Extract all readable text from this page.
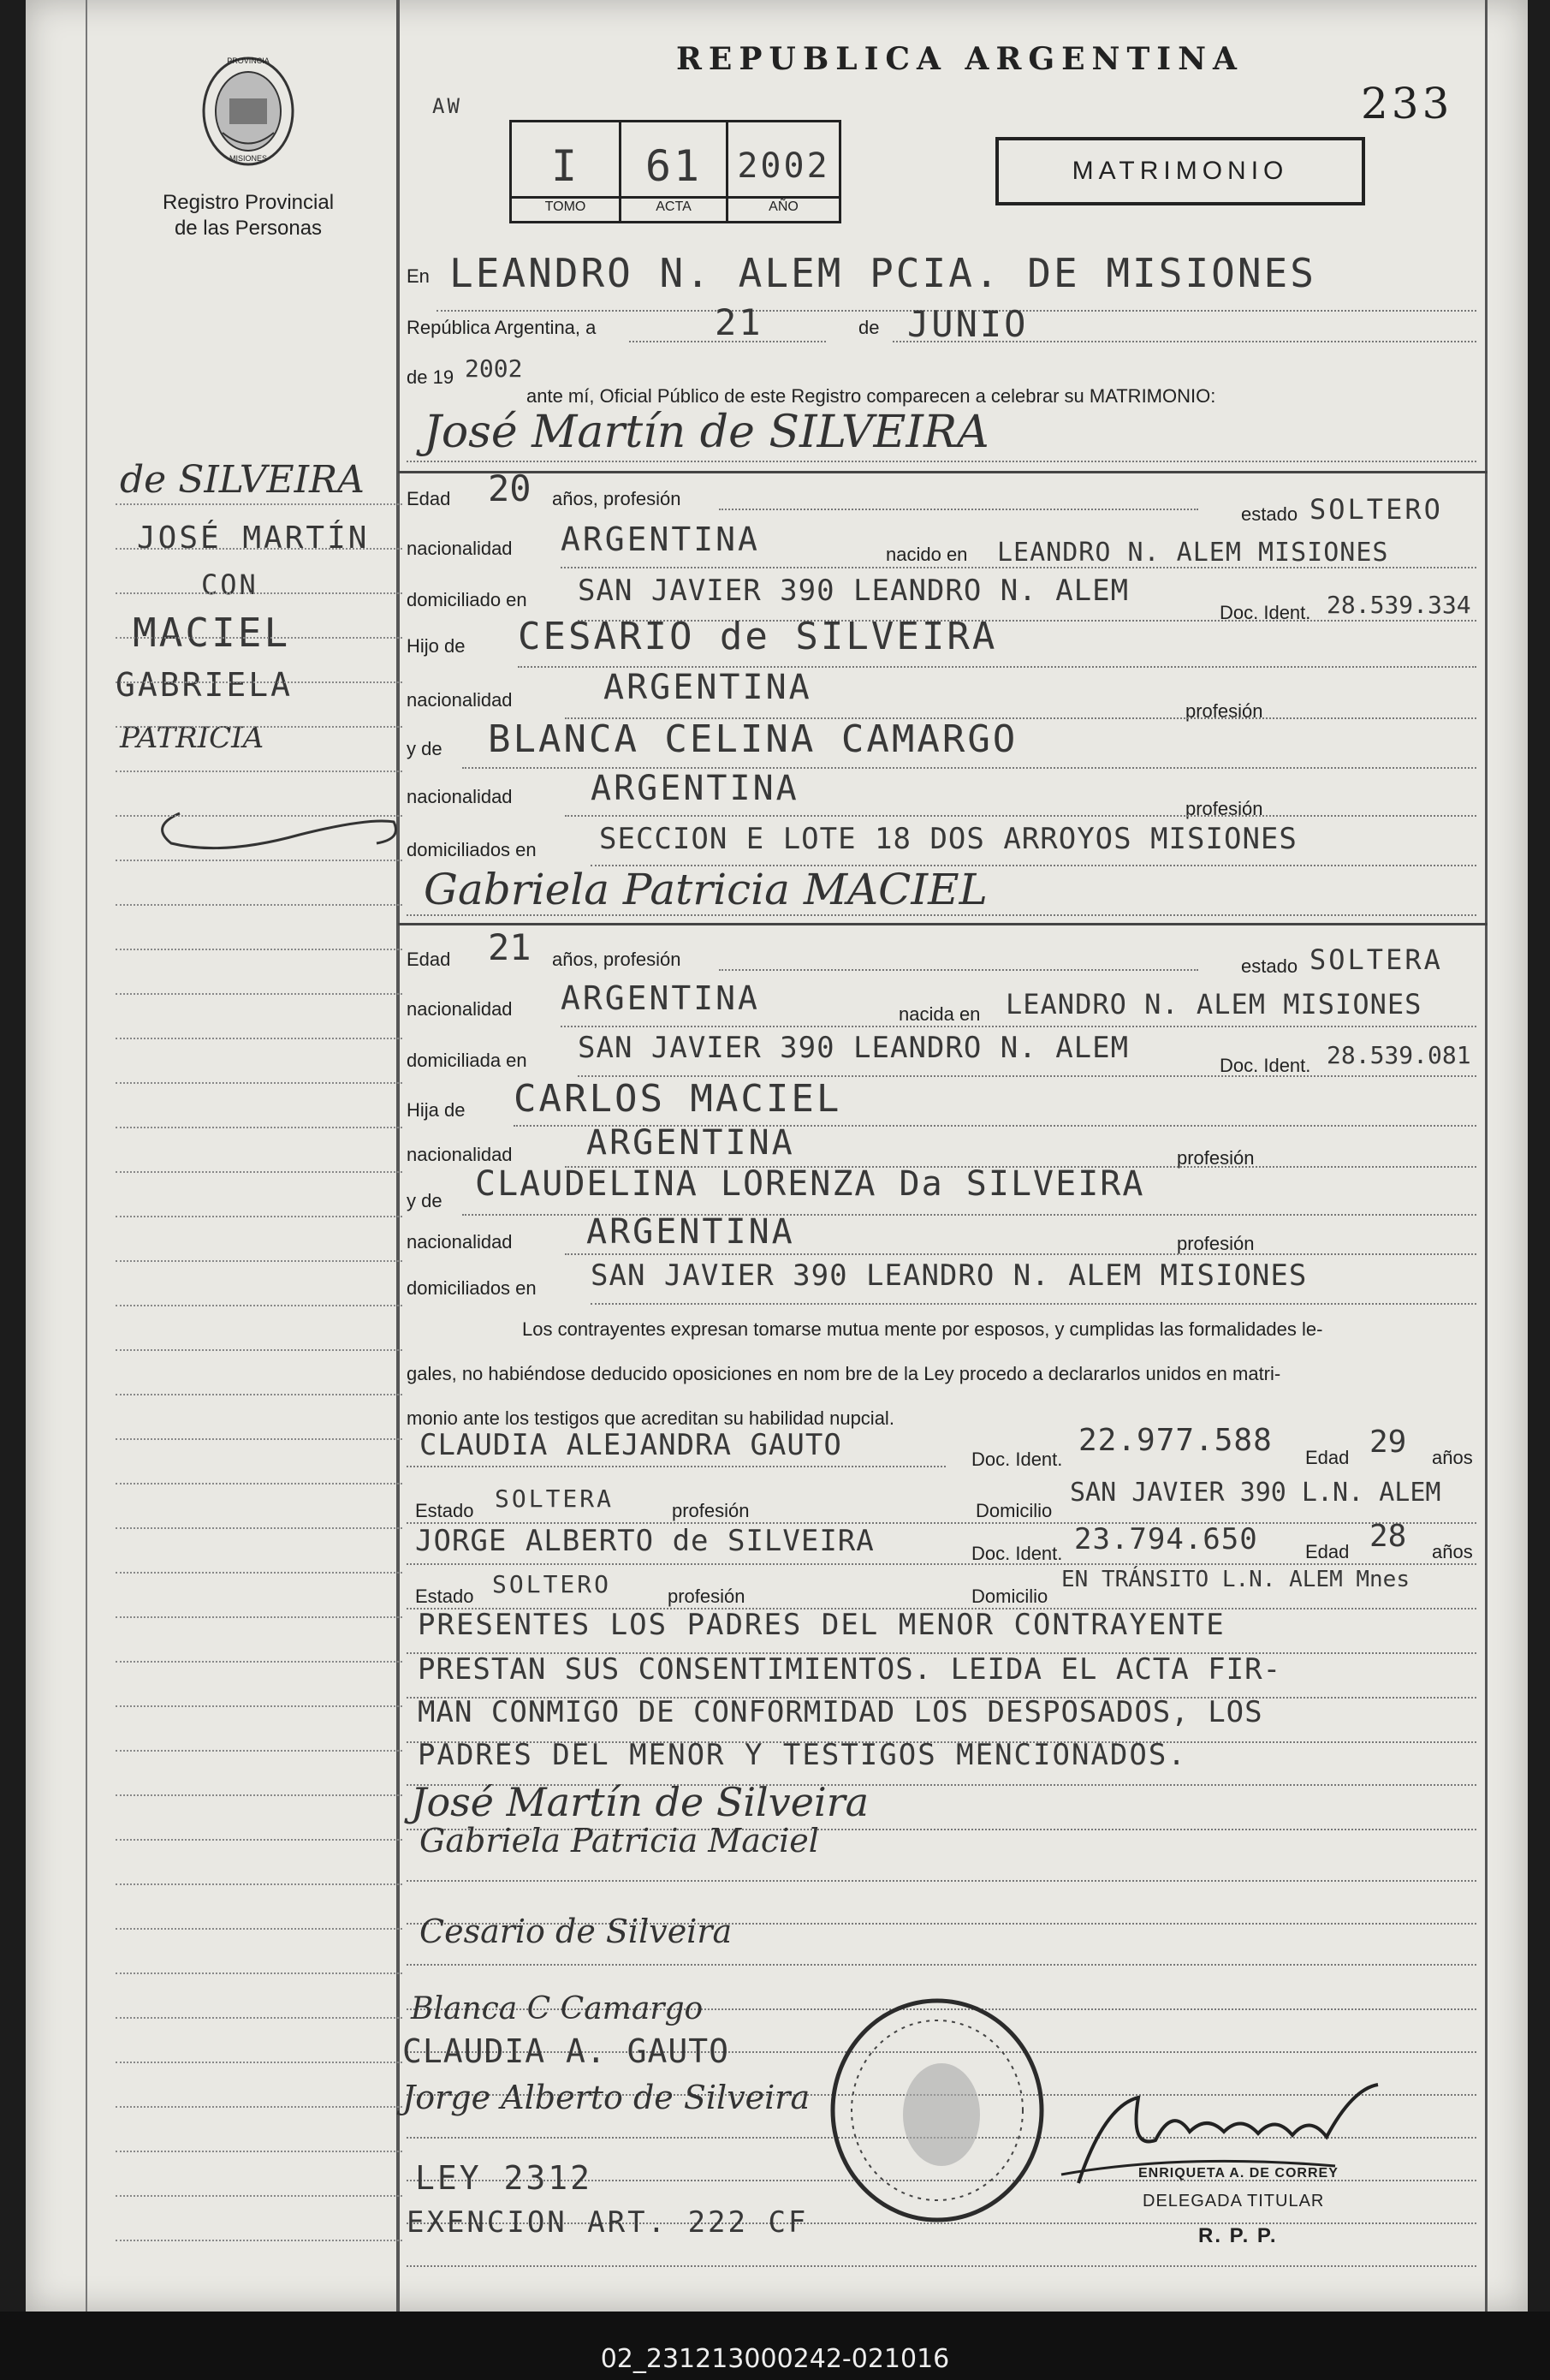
PROVINCIA
MISIONES
Registro Provincial
de las Personas
REPUBLICA ARGENTINA
233
AW
I	61	2002
TOMO	ACTA	AÑO
MATRIMONIO
En LEANDRO N. ALEM PCIA. DE MISIONES
República Argentina, a	21	de JUNIO
de 19 2002
ante mí, Oficial Público de este Registro comparecen a celebrar su MATRIMONIO:
José Martín de SILVEIRA
de SILVEIRA
JOSÉ MARTÍN
CON
MACIEL
GABRIELA
PATRICIA
Edad 20 años, profesión
estado SOLTERO
nacionalidad ARGENTINA	nacido en LEANDRO N. ALEM MISIONES
domiciliado en SAN JAVIER 390 LEANDRO N. ALEM
Doc. Ident. 28.539.334
Hijo de CESARIO de SILVEIRA
nacionalidad	ARGENTINA
profesión
y de BLANCA CELINA CAMARGO
nacionalidad ARGENTINA
profesión
domiciliados en SECCION E LOTE 18 DOS ARROYOS MISIONES
Gabriela Patricia MACIEL
Edad 21 años, profesión	estado SOLTERA
nacionalidad ARGENTINA	nacida en LEANDRO N. ALEM MISIONES
domiciliada en SAN JAVIER 390 LEANDRO N. ALEM
Doc. Ident. 28.539.081
Hija de CARLOS MACIEL
nacionalidad ARGENTINA	profesión
y de CLAUDELINA LORENZA Da SILVEIRA
nacionalidad ARGENTINA	profesión
domiciliados en SAN JAVIER 390 LEANDRO N. ALEM MISIONES
Los contrayentes expresan tomarse mutua mente por esposos, y cumplidas las formalidades le-
gales, no habiéndose deducido oposiciones en nom bre de la Ley procedo a declararlos unidos en matri-
monio ante los testigos que acreditan su habilidad nupcial.
CLAUDIA ALEJANDRA GAUTO	Doc. Ident.
22.977.588 Edad 29 años
Estado SOLTERA	profesión	Domicilio
SAN JAVIER 390 L.N. ALEM
JORGE ALBERTO de SILVEIRA	Doc. Ident. 23.794.650	Edad 28 años
Estado SOLTERO	profesión	Domicilio
EN TRÁNSITO L.N. ALEM Mnes
PRESENTES LOS PADRES DEL MENOR CONTRAYENTE
PRESTAN SUS CONSENTIMIENTOS. LEIDA EL ACTA FIR-
MAN CONMIGO DE CONFORMIDAD LOS DESPOSADOS, LOS
PADRES DEL MENOR Y TESTIGOS MENCIONADOS.
José Martín de Silveira
Gabriela Patricia Maciel
Cesario de Silveira
Blanca C Camargo
CLAUDIA A. GAUTO
Jorge Alberto de Silveira
LEY 2312
EXENCION ART. 222 CF
ENRIQUETA A. DE CORREY
DELEGADA TITULAR
R. P. P.
02_231213000242-021016
